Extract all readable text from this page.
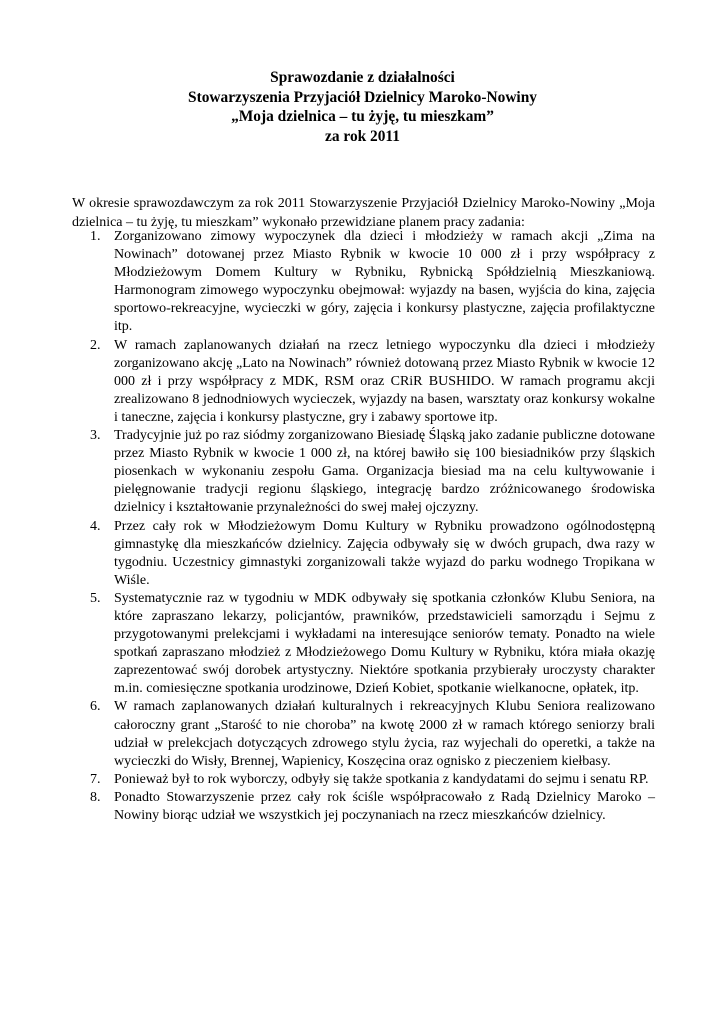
Sprawozdanie z działalności
Stowarzyszenia Przyjaciół Dzielnicy Maroko-Nowiny
„Moja dzielnica – tu żyję, tu mieszkam”
za rok 2011

W okresie sprawozdawczym za rok 2011 Stowarzyszenie Przyjaciół Dzielnicy Maroko-Nowiny „Moja dzielnica – tu żyję, tu mieszkam” wykonało przewidziane planem pracy zadania:

1. Zorganizowano zimowy wypoczynek dla dzieci i młodzieży w ramach akcji „Zima na Nowinach” dotowanej przez Miasto Rybnik w kwocie 10 000 zł i przy współpracy z Młodzieżowym Domem Kultury w Rybniku, Rybnicką Spółdzielnią Mieszkaniową. Harmonogram zimowego wypoczynku obejmował: wyjazdy na basen, wyjścia do kina, zajęcia sportowo-rekreacyjne, wycieczki w góry, zajęcia i konkursy plastyczne, zajęcia profilaktyczne itp.
2. W ramach zaplanowanych działań na rzecz letniego wypoczynku dla dzieci i młodzieży zorganizowano akcję „Lato na Nowinach” również dotowaną przez Miasto Rybnik w kwocie 12 000 zł i przy współpracy z MDK, RSM oraz CRiR BUSHIDO. W ramach programu akcji zrealizowano 8 jednodniowych wycieczek, wyjazdy na basen, warsztaty oraz konkursy wokalne i taneczne, zajęcia i konkursy plastyczne, gry i zabawy sportowe itp.
3. Tradycyjnie już po raz siódmy zorganizowano Biesiadę Śląską jako zadanie publiczne dotowane przez Miasto Rybnik w kwocie 1 000 zł, na której bawiło się 100 biesiadników przy śląskich piosenkach w wykonaniu zespołu Gama. Organizacja biesiad ma na celu kultywowanie i pielęgnowanie tradycji regionu śląskiego, integrację bardzo zróżnicowanego środowiska dzielnicy i kształtowanie przynależności do swej małej ojczyzny.
4. Przez cały rok w Młodzieżowym Domu Kultury w Rybniku prowadzono ogólnodostępną gimnastykę dla mieszkańców dzielnicy. Zajęcia odbywały się w dwóch grupach, dwa razy w tygodniu. Uczestnicy gimnastyki zorganizowali także wyjazd do parku wodnego Tropikana w Wiśle.
5. Systematycznie raz w tygodniu w MDK odbywały się spotkania członków Klubu Seniora, na które zapraszano lekarzy, policjantów, prawników, przedstawicieli samorządu i Sejmu z przygotowanymi prelekcjami i wykładami na interesujące seniorów tematy. Ponadto na wiele spotkań zapraszano młodzież z Młodzieżowego Domu Kultury w Rybniku, która miała okazję zaprezentować swój dorobek artystyczny. Niektóre spotkania przybierały uroczysty charakter m.in. comiesięczne spotkania urodzinowe, Dzień Kobiet, spotkanie wielkanocne, opłatek, itp.
6. W ramach zaplanowanych działań kulturalnych i rekreacyjnych Klubu Seniora realizowano całoroczny grant „Starość to nie choroba” na kwotę 2000 zł w ramach którego seniorzy brali udział w prelekcjach dotyczących zdrowego stylu życia, raz wyjechali do operetki, a także na wycieczki do Wisły, Brennej, Wapienicy, Koszęcina oraz ognisko z pieczeniem kiełbasy.
7. Ponieważ był to rok wyborczy, odbyły się także spotkania z kandydatami do sejmu i senatu RP.
8. Ponadto Stowarzyszenie przez cały rok ściśle współpracowało z Radą Dzielnicy Maroko – Nowiny biorąc udział we wszystkich jej poczynaniach na rzecz mieszkańców dzielnicy.
